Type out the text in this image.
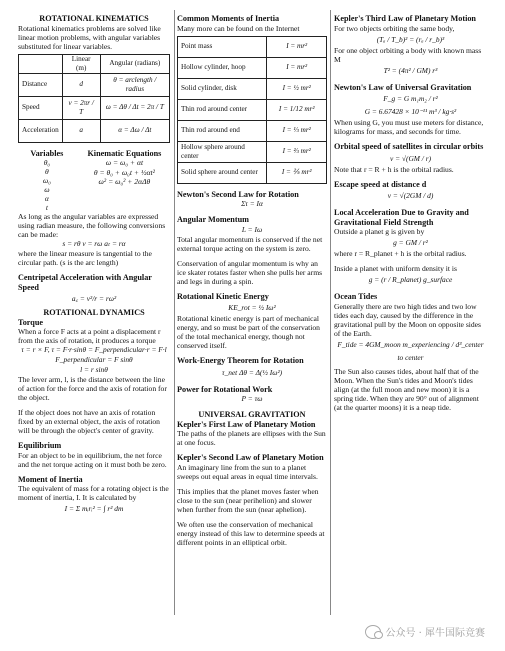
ROTATIONAL KINEMATICS

Rotational kinematics problems are solved like linear motion problems, with angular variables substituted for linear variables.

	Linear (m)	Angular (radians)
Distance	d	θ = arclength / radius
Speed	v = 2πr / T	ω = Δθ / Δt = 2π / T
Acceleration	a	α = Δω / Δt
Variables
θ₀
θ
ω₀
ω
α
t
Kinematic Equations
ω = ω₀ + αt
θ = θ₀ + ω₀t + ½αt²
ω² = ω₀² + 2αΔθ

As long as the angular variables are expressed using radian measure, the following conversions can be made:

s = rθ v = rω aₜ = rα

where the linear measure is tangential to the circular path. (s is the arc length)

Centripetal Acceleration with Angular Speed
a꜀ = v²/r = rω²
ROTATIONAL DYNAMICS
Torque

When a force F acts at a point a displacement r from the axis of rotation, it produces a torque

τ = r × F, τ = F·r·sinθ = F_perpendicular·r = F·l
F_perpendicular = F sinθ
l = r sinθ

The lever arm, l, is the distance between the line of action for the force and the axis of rotation for the object.

If the object does not have an axis of rotation fixed by an external object, the axis of rotation will be through the object's center of gravity.

Equilibrium

For an object to be in equilibrium, the net force and the net torque acting on it must both be zero.

Moment of Inertia

The equivalent of mass for a rotating object is the moment of inertia, I. It is calculated by

I = Σ mᵢrᵢ² = ∫ r² dm
Common Moments of Inertia

Many more can be found on the Internet

Point mass	I = mr²
Hollow cylinder, hoop	I = mr²
Solid cylinder, disk	I = ½ mr²
Thin rod around center	I = 1/12 mr²
Thin rod around end	I = ⅓ mr²
Hollow sphere around center	I = ⅔ mr²
Solid sphere around center	I = ⅖ mr²
Newton's Second Law for Rotation
Στ = Iα
Angular Momentum
L = Iω

Total angular momentum is conserved if the net external torque acting on the system is zero.

Conservation of angular momentum is why an ice skater rotates faster when she pulls her arms and legs in during a spin.

Rotational Kinetic Energy
KE_rot = ½ Iω²

Rotational kinetic energy is part of mechanical energy, and so must be part of the conservation of the total mechanical energy, though not conserved itself.

Work-Energy Theorem for Rotation
τ_net Δθ = Δ(½ Iω²)
Power for Rotational Work
P = τω
UNIVERSAL GRAVITATION
Kepler's First Law of Planetary Motion

The paths of the planets are ellipses with the Sun at one focus.

Kepler's Second Law of Planetary Motion

An imaginary line from the sun to a planet sweeps out equal areas in equal time intervals.

This implies that the planet moves faster when close to the sun (near perihelion) and slower when further from the sun (near aphelion).

We often use the conservation of mechanical energy instead of this law to determine speeds at different points in an elliptical orbit.

Kepler's Third Law of Planetary Motion

For two objects orbiting the same body,

(Tₐ / T_b)² = (rₐ / r_b)³

For one object orbiting a body with known mass M

T² = (4π² / GM) r³
Newton's Law of Universal Gravitation
F_g = G m₁m₂ / r²
G = 6.67428 × 10⁻¹¹ m³ / kg·s²

When using G, you must use meters for distance, kilograms for mass, and seconds for time.

Orbital speed of satellites in circular orbits
v = √(GM / r)

Note that r = R + h is the orbital radius.

Escape speed at distance d
v = √(2GM / d)
Local Acceleration Due to Gravity and Gravitational Field Strength

Outside a planet g is given by

g = GM / r²

where r = R_planet + h is the orbital radius.

Inside a planet with uniform density it is

g = (r / R_planet) g_surface
Ocean Tides

Generally there are two high tides and two low tides each day, caused by the difference in the gravitational pull by the Moon on opposite sides of the Earth.

F_tide = 4GM_moon m_experiencing / d³_center to center

The Sun also causes tides, about half that of the Moon. When the Sun's tides and Moon's tides align (at the full moon and new moon) it is a spring tide. When they are 90° out of alignment (at the quarter moons) it is a neap tide.

公众号 · 犀牛国际竞赛
